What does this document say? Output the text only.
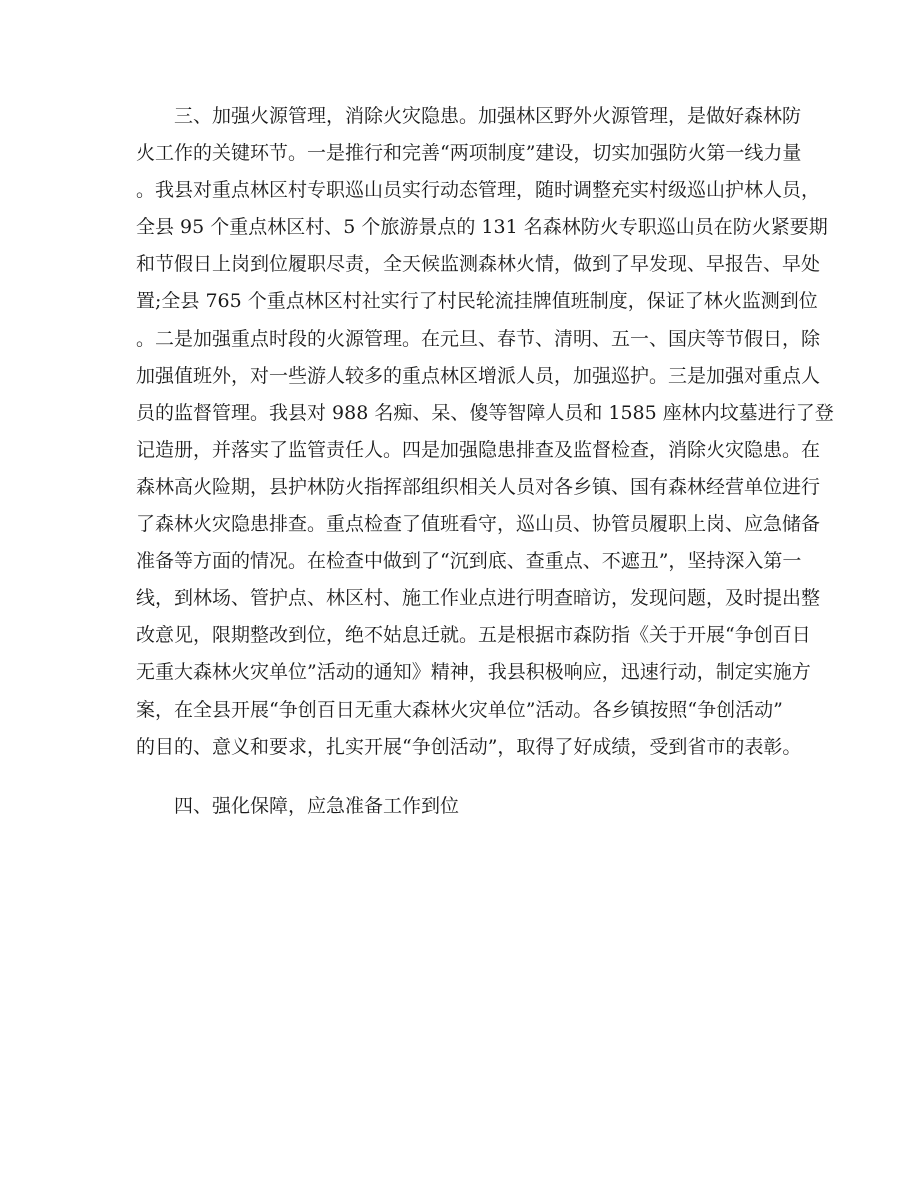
三、加强火源管理，消除火灾隐患。加强林区野外火源管理，是做好森林防
火工作的关键环节。一是推行和完善“两项制度”建设，切实加强防火第一线力量
。我县对重点林区村专职巡山员实行动态管理，随时调整充实村级巡山护林人员，
全县 95 个重点林区村、5 个旅游景点的 131 名森林防火专职巡山员在防火紧要期
和节假日上岗到位履职尽责，全天候监测森林火情，做到了早发现、早报告、早处
置;全县 765 个重点林区村社实行了村民轮流挂牌值班制度，保证了林火监测到位
。二是加强重点时段的火源管理。在元旦、春节、清明、五一、国庆等节假日，除
加强值班外，对一些游人较多的重点林区增派人员，加强巡护。三是加强对重点人
员的监督管理。我县对 988 名痴、呆、傻等智障人员和 1585 座林内坟墓进行了登
记造册，并落实了监管责任人。四是加强隐患排查及监督检查，消除火灾隐患。在
森林高火险期，县护林防火指挥部组织相关人员对各乡镇、国有森林经营单位进行
了森林火灾隐患排查。重点检查了值班看守，巡山员、协管员履职上岗、应急储备
准备等方面的情况。在检查中做到了“沉到底、查重点、不遮丑”，坚持深入第一
线，到林场、管护点、林区村、施工作业点进行明查暗访，发现问题，及时提出整
改意见，限期整改到位，绝不姑息迁就。五是根据市森防指《关于开展“争创百日
无重大森林火灾单位”活动的通知》精神，我县积极响应，迅速行动，制定实施方
案，在全县开展“争创百日无重大森林火灾单位”活动。各乡镇按照“争创活动”
的目的、意义和要求，扎实开展“争创活动”，取得了好成绩，受到省市的表彰。

四、强化保障，应急准备工作到位
